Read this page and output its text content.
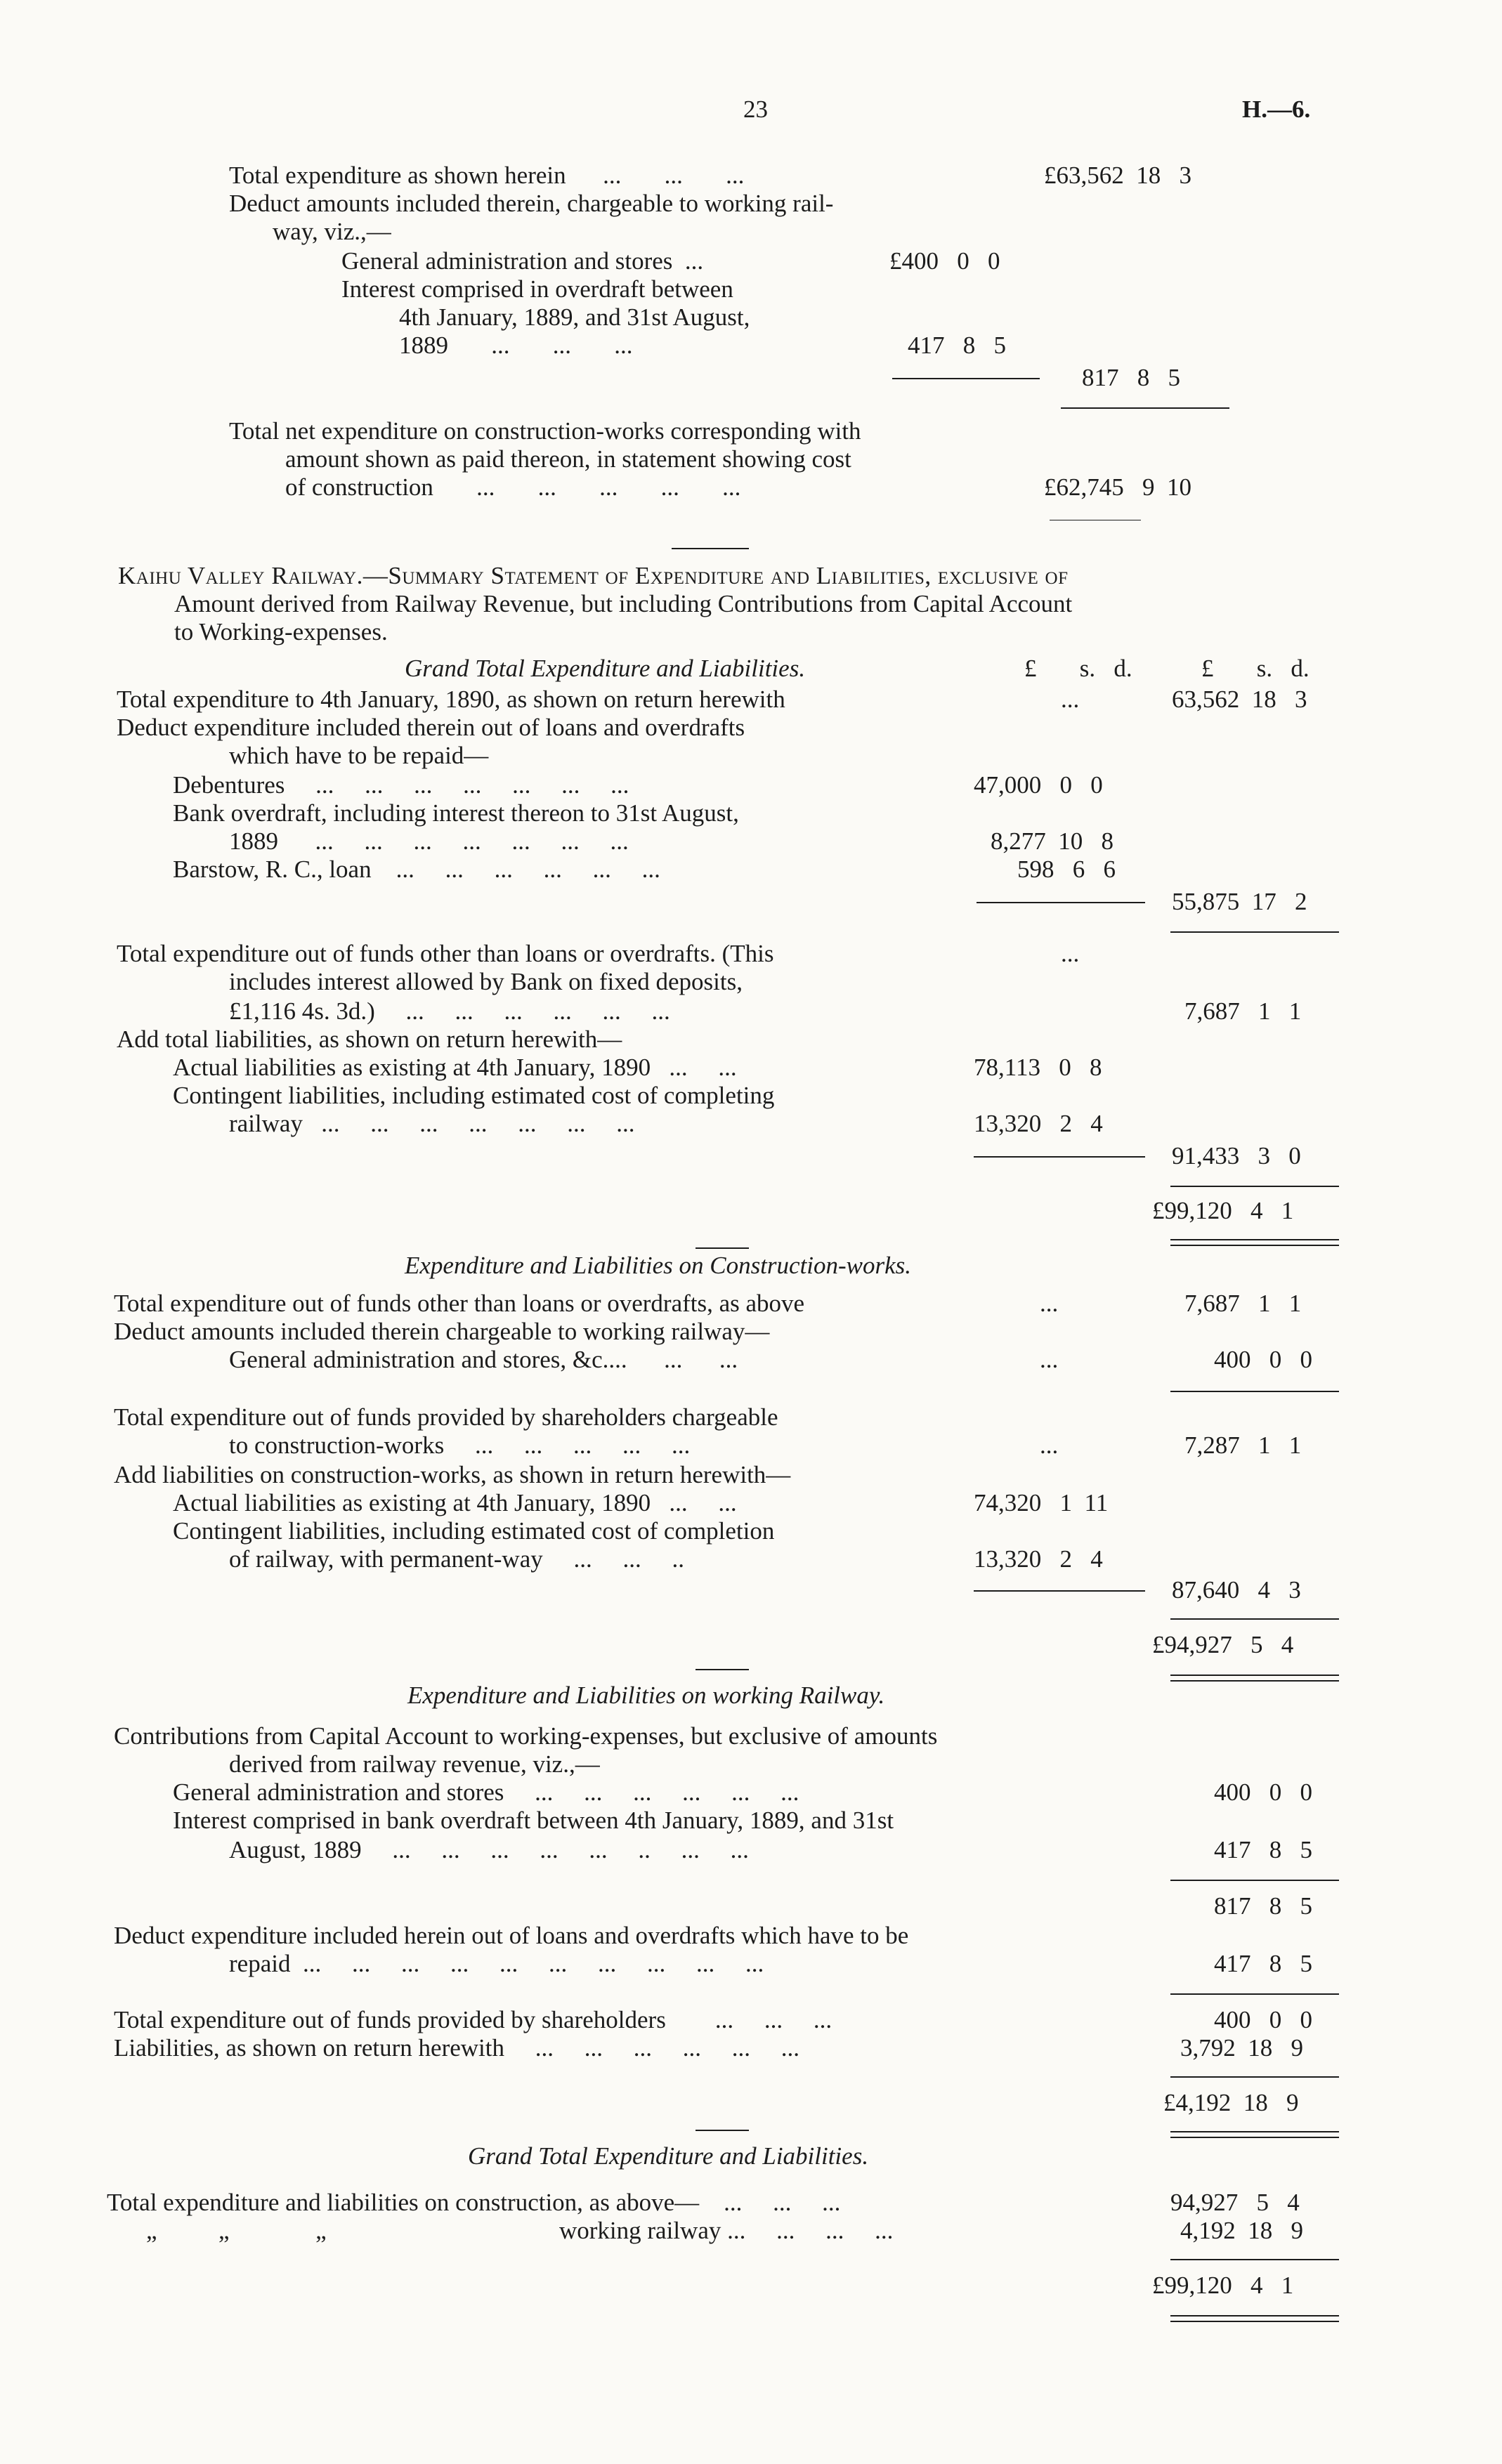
23	H.—6.
Total expenditure as shown herein      ...       ...       ...	£63,562  18   3
Deduct amounts included therein, chargeable to working rail-
way, viz.,—
General administration and stores  ...	£400   0   0
Interest comprised in overdraft between
4th January, 1889, and 31st August,
1889       ...       ...       ...	417   8   5
817   8   5
Total net expenditure on construction-works corresponding with
amount shown as paid thereon, in statement showing cost
of construction       ...       ...       ...       ...       ...	£62,745   9  10
Kaihu Valley Railway.—Summary Statement of Expenditure and Liabilities, exclusive of
Amount derived from Railway Revenue, but including Contributions from Capital Account
to Working-expenses.
Grand Total Expenditure and Liabilities.	£       s.   d.	£       s.   d.
Total expenditure to 4th January, 1890, as shown on return herewith	...	63,562  18   3
Deduct expenditure included therein out of loans and overdrafts
which have to be repaid—
Debentures     ...     ...     ...     ...     ...     ...     ...	47,000   0   0
Bank overdraft, including interest thereon to 31st August,
1889      ...     ...     ...     ...     ...     ...     ...	8,277  10   8
Barstow, R. C., loan    ...     ...     ...     ...     ...     ...	598   6   6
55,875  17   2
Total expenditure out of funds other than loans or overdrafts. (This	...
includes interest allowed by Bank on fixed deposits,
£1,116 4s. 3d.)     ...     ...     ...     ...     ...     ...	7,687   1   1
Add total liabilities, as shown on return herewith—
Actual liabilities as existing at 4th January, 1890   ...     ...	78,113   0   8
Contingent liabilities, including estimated cost of completing
railway   ...     ...     ...     ...     ...     ...     ...	13,320   2   4
91,433   3   0
£99,120   4   1
Expenditure and Liabilities on Construction-works.
Total expenditure out of funds other than loans or overdrafts, as above	...	7,687   1   1
Deduct amounts included therein chargeable to working railway—
General administration and stores, &c....      ...      ...	...	400   0   0
Total expenditure out of funds provided by shareholders chargeable
to construction-works     ...     ...     ...     ...     ...	...	7,287   1   1
Add liabilities on construction-works, as shown in return herewith—
Actual liabilities as existing at 4th January, 1890   ...     ...	74,320   1  11
Contingent liabilities, including estimated cost of completion
of railway, with permanent-way     ...     ...     ..	13,320   2   4
87,640   4   3
£94,927   5   4
Expenditure and Liabilities on working Railway.
Contributions from Capital Account to working-expenses, but exclusive of amounts
derived from railway revenue, viz.,—
General administration and stores     ...     ...     ...     ...     ...     ...	400   0   0
Interest comprised in bank overdraft between 4th January, 1889, and 31st
August, 1889     ...     ...     ...     ...     ...     ..     ...     ...	417   8   5
817   8   5
Deduct expenditure included herein out of loans and overdrafts which have to be
repaid  ...     ...     ...     ...     ...     ...     ...     ...     ...     ...	417   8   5
Total expenditure out of funds provided by shareholders        ...     ...     ...	400   0   0
Liabilities, as shown on return herewith     ...     ...     ...     ...     ...     ...	3,792  18   9
£4,192  18   9
Grand Total Expenditure and Liabilities.
Total expenditure and liabilities on construction, as above—    ...     ...     ...	94,927   5   4
„          „              „	working railway ...     ...     ...     ...	4,192  18   9
£99,120   4   1
